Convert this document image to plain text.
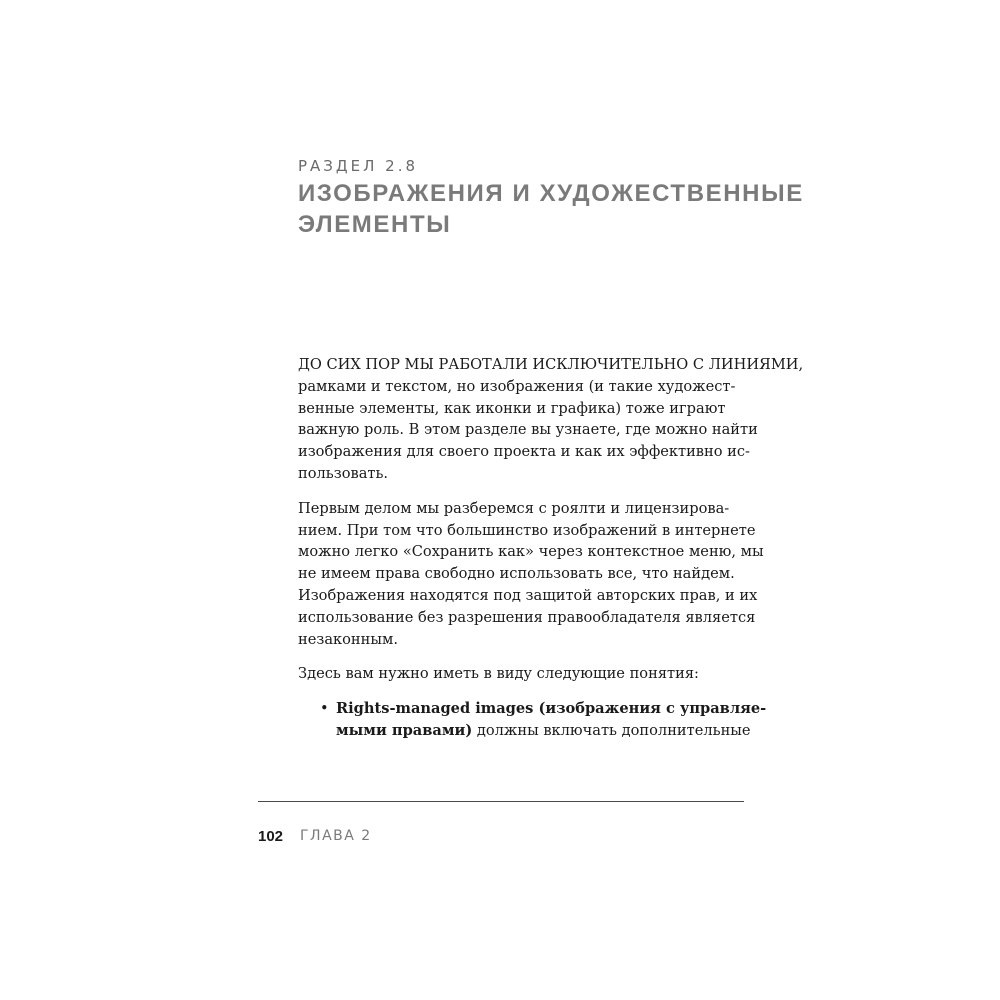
РАЗДЕЛ 2.8
ИЗОБРАЖЕНИЯ И ХУДОЖЕСТВЕННЫЕ
ЭЛЕМЕНТЫ
ДО СИХ ПОР МЫ РАБОТАЛИ ИСКЛЮЧИТЕЛЬНО С ЛИНИЯМИ,
рамками и текстом, но изображения (и такие художест-
венные элементы, как иконки и графика) тоже играют
важную роль. В этом разделе вы узнаете, где можно найти
изображения для своего проекта и как их эффективно ис-
пользовать.
Первым делом мы разберемся с роялти и лицензирова-
нием. При том что большинство изображений в интернете
можно легко «Сохранить как» через контекстное меню, мы
не имеем права свободно использовать все, что найдем.
Изображения находятся под защитой авторских прав, и их
использование без разрешения правообладателя является
незаконным.
Здесь вам нужно иметь в виду следующие понятия:
• Rights-managed images (изображения с управляе-
мыми правами) должны включать дополнительные
102 ГЛАВА 2
